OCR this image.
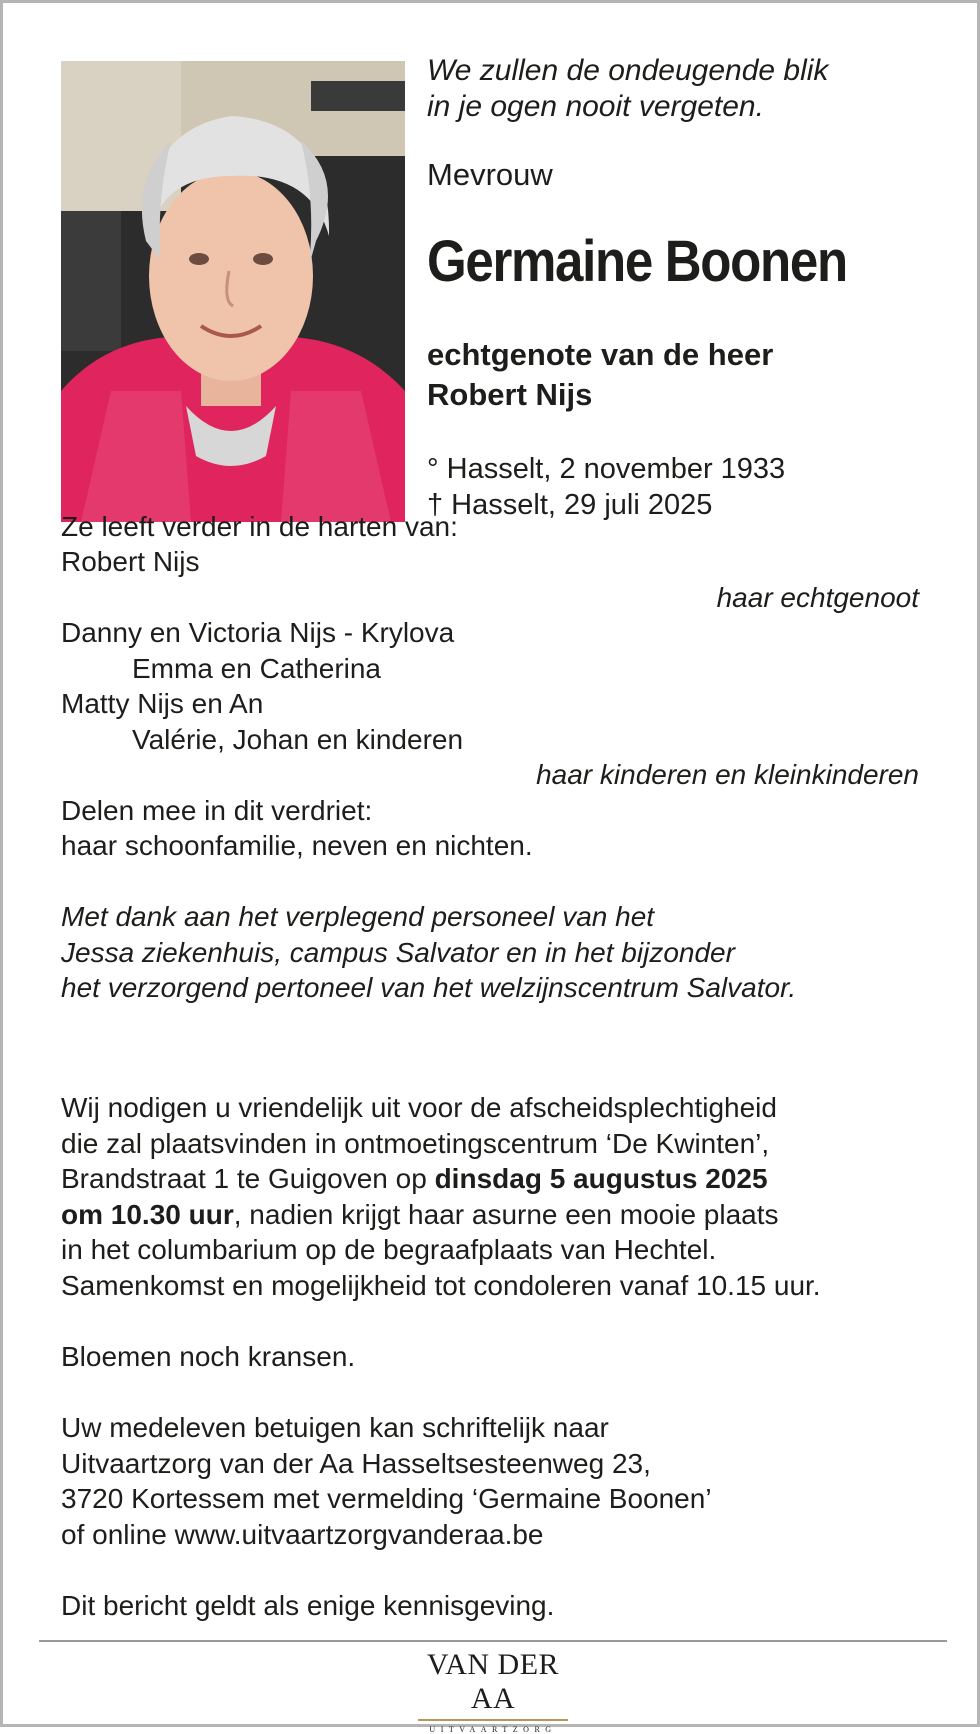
We zullen de ondeugende blik
in je ogen nooit vergeten.
Mevrouw
Germaine Boonen
echtgenote van de heer
Robert Nijs
° Hasselt, 2 november 1933
† Hasselt, 29 juli 2025
Ze leeft verder in de harten van:
Robert Nijs
haar echtgenoot
Danny en Victoria Nijs - Krylova
Emma en Catherina
Matty Nijs en An
Valérie, Johan en kinderen
haar kinderen en kleinkinderen
Delen mee in dit verdriet:
haar schoonfamilie, neven en nichten.
Met dank aan het verplegend personeel van het
Jessa ziekenhuis, campus Salvator en in het bijzonder
het verzorgend pertoneel van het welzijnscentrum Salvator.
Wij nodigen u vriendelijk uit voor de afscheidsplechtigheid
die zal plaatsvinden in ontmoetingscentrum ‘De Kwinten’,
Brandstraat 1 te Guigoven op dinsdag 5 augustus 2025
om 10.30 uur, nadien krijgt haar asurne een mooie plaats
in het columbarium op de begraafplaats van Hechtel.
Samenkomst en mogelijkheid tot condoleren vanaf 10.15 uur.
Bloemen noch kransen.
Uw medeleven betuigen kan schriftelijk naar
Uitvaartzorg van der Aa Hasseltsesteenweg 23,
3720 Kortessem met vermelding ‘Germaine Boonen’
of online www.uitvaartzorgvanderaa.be
Dit bericht geldt als enige kennisgeving.
VAN DER AA
UITVAARTZORG
